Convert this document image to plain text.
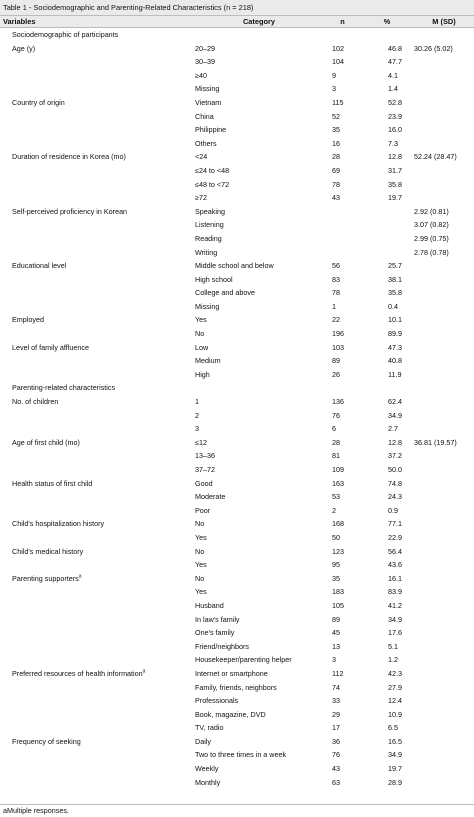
Table 1 - Sociodemographic and Parenting-Related Characteristics (n = 218)
Variables	Category	n	%	M (SD)
Sociodemographic of participants				
Age (y)	20–29	102	46.8	30.26 (5.02)
	30–39	104	47.7	
	≥40	9	4.1	
	Missing	3	1.4	
Country of origin	Vietnam	115	52.8	
	China	52	23.9	
	Philippine	35	16.0	
	Others	16	7.3	
Duration of residence in Korea (mo)	<24	28	12.8	52.24 (28.47)
	≤24 to <48	69	31.7	
	≤48 to <72	78	35.8	
	≥72	43	19.7	
Self-perceived proficiency in Korean	Speaking			2.92 (0.81)
	Listening			3.07 (0.82)
	Reading			2.99 (0.75)
	Writing			2.78 (0.78)
Educational level	Middle school and below	56	25.7	
	High school	83	38.1	
	College and above	78	35.8	
	Missing	1	0.4	
Employed	Yes	22	10.1	
	No	196	89.9	
Level of family affluence	Low	103	47.3	
	Medium	89	40.8	
	High	26	11.9	
Parenting-related characteristics				
No. of children	1	136	62.4	
	2	76	34.9	
	3	6	2.7	
Age of first child (mo)	≤12	28	12.8	36.81 (19.57)
	13–36	81	37.2	
	37–72	109	50.0	
Health status of first child	Good	163	74.8	
	Moderate	53	24.3	
	Poor	2	0.9	
Child's hospitalization history	No	168	77.1	
	Yes	50	22.9	
Child's medical history	No	123	56.4	
	Yes	95	43.6	
Parenting supporters$^a$	No	35	16.1	
	Yes	183	83.9	
	Husband	105	41.2	
	In law's family	89	34.9	
	One's family	45	17.6	
	Friend/neighbors	13	5.1	
	Housekeeper/parenting helper	3	1.2	
Preferred resources of health information$^a$	Internet or smartphone	112	42.3	
	Family, friends, neighbors	74	27.9	
	Professionals	33	12.4	
	Book, magazine, DVD	29	10.9	
	TV, radio	17	6.5	
Frequency of seeking	Daily	36	16.5	
	Two to three times in a week	76	34.9	
	Weekly	43	19.7	
	Monthly	63	28.9	
aMultiple responses.
